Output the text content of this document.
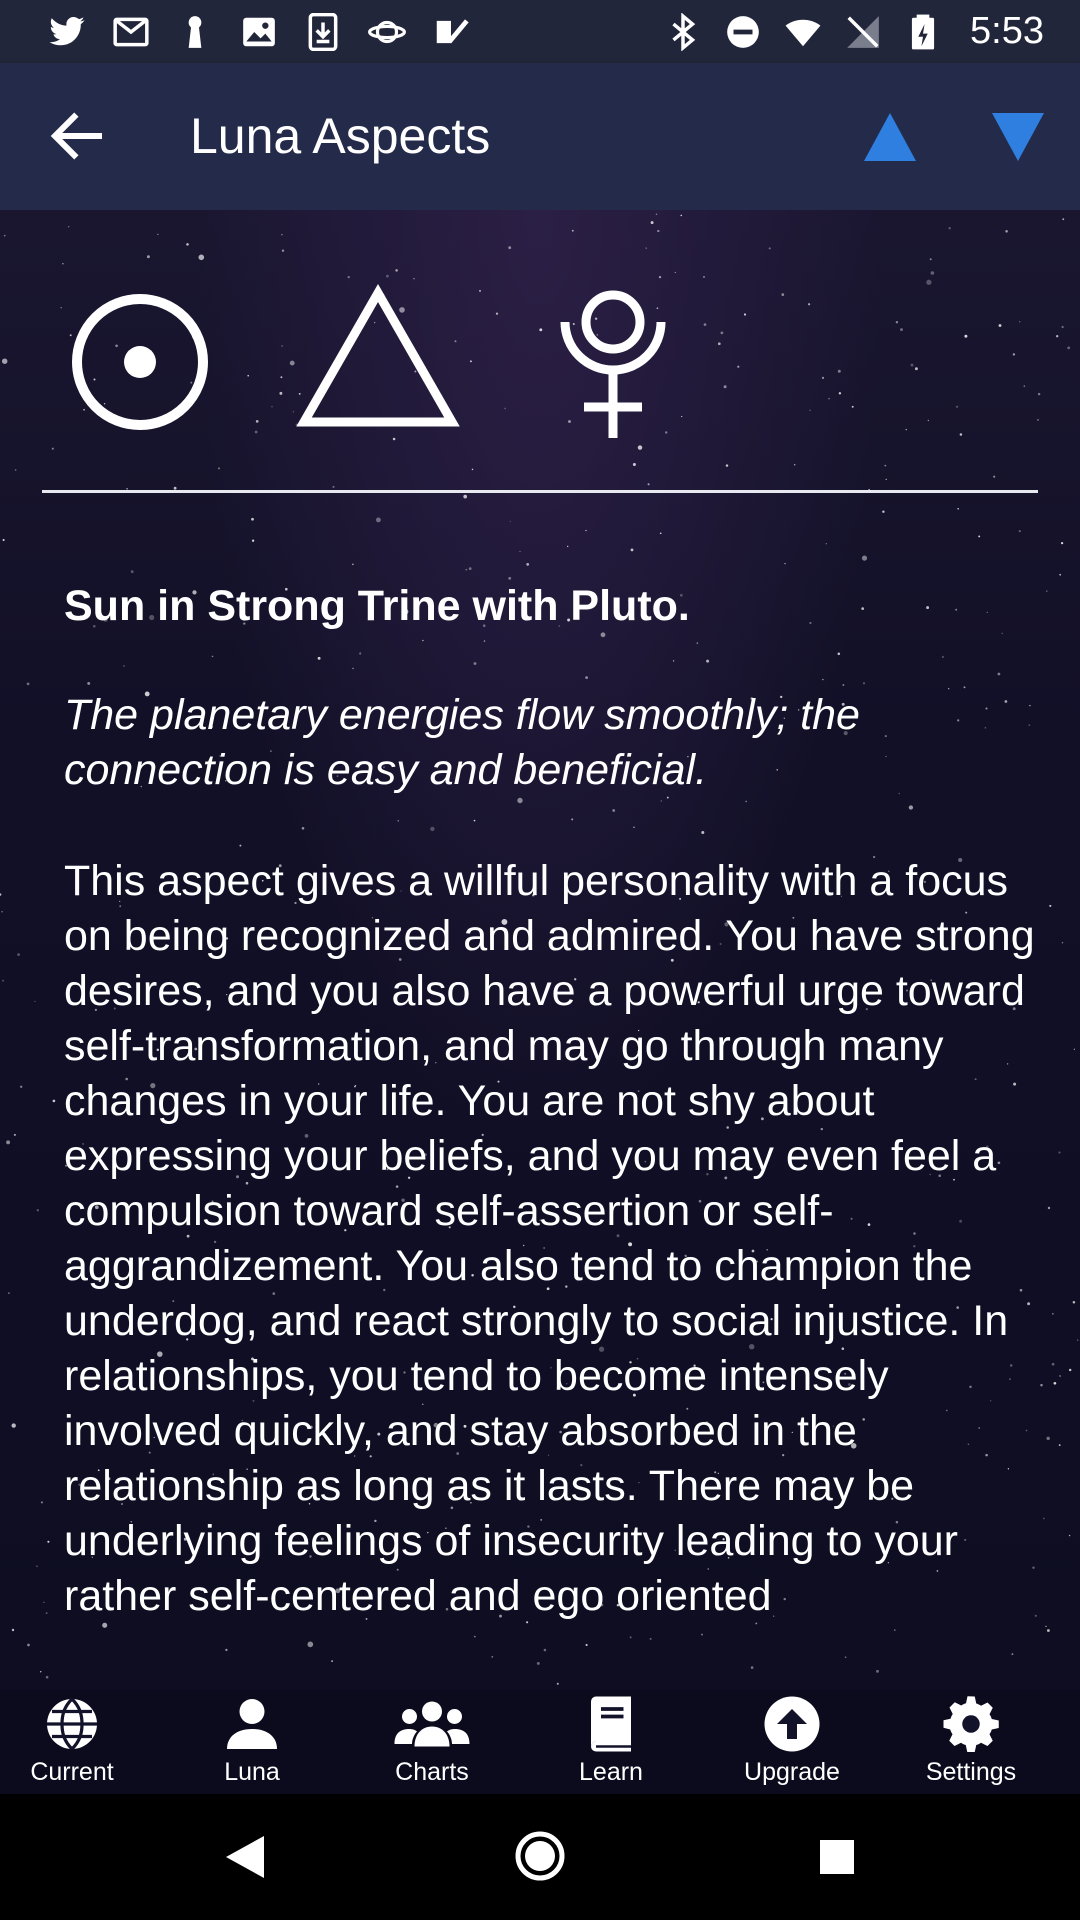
5:53
Luna Aspects
Sun in Strong Trine with Pluto.
The planetary energies flow smoothly; the connection is easy and beneficial.
This aspect gives a willful personality with a focus on being recognized and admired. You have strong desires, and you also have a powerful urge toward self-transformation, and may go through many changes in your life. You are not shy about expressing your beliefs, and you may even feel a compulsion toward self-assertion or self-aggrandizement. You also tend to champion the underdog, and react strongly to social injustice. In relationships, you tend to become intensely involved quickly, and stay absorbed in the relationship as long as it lasts. There may be underlying feelings of insecurity leading to your rather self-centered and ego oriented
Current	Luna	Charts	Learn	Upgrade	Settings
